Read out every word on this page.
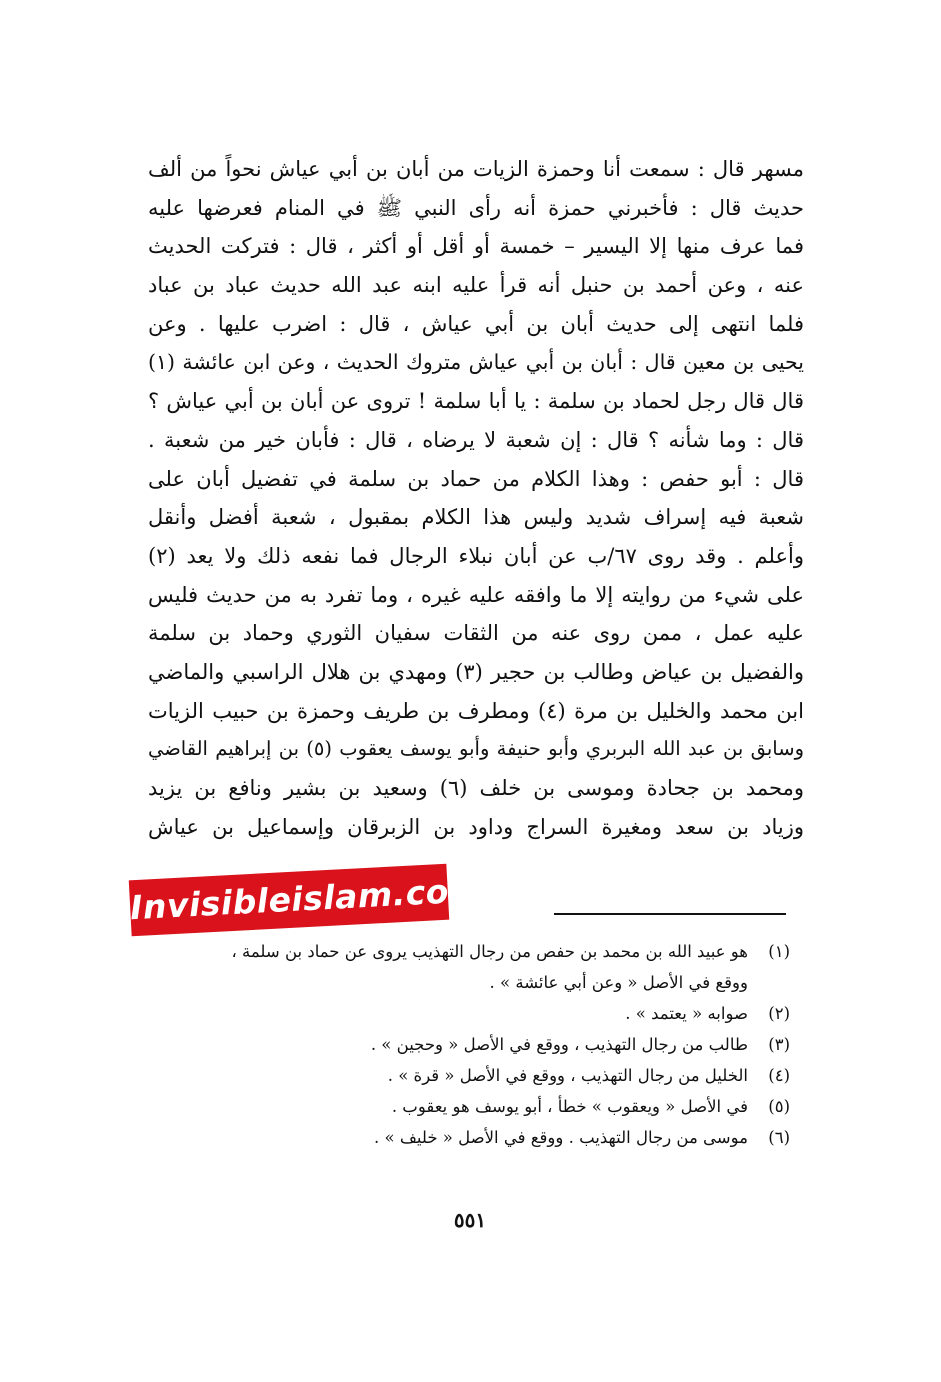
مسهر قال : سمعت أنا وحمزة الزيات من أبان بن أبي عياش نحواً من ألف
حديث قال : فأخبرني حمزة أنه رأى النبي ﷺ في المنام فعرضها عليه
فما عرف منها إلا اليسير – خمسة أو أقل أو أكثر ، قال : فتركت الحديث
عنه ، وعن أحمد بن حنبل أنه قرأ عليه ابنه عبد الله حديث عباد بن عباد
فلما انتهى إلى حديث أبان بن أبي عياش ، قال : اضرب عليها . وعن
يحيى بن معين قال : أبان بن أبي عياش متروك الحديث ، وعن ابن عائشة (١)
قال قال رجل لحماد بن سلمة : يا أبا سلمة ! تروى عن أبان بن أبي عياش ؟
قال : وما شأنه ؟ قال : إن شعبة لا يرضاه ، قال : فأبان خير من شعبة .
قال : أبو حفص : وهذا الكلام من حماد بن سلمة في تفضيل أبان على
شعبة فيه إسراف شديد وليس هذا الكلام بمقبول ، شعبة أفضل وأنقل
وأعلم . وقد روى ٦٧/ب عن أبان نبلاء الرجال فما نفعه ذلك ولا يعد (٢)
على شيء من روايته إلا ما وافقه عليه غيره ، وما تفرد به من حديث فليس
عليه عمل ، ممن روى عنه من الثقات سفيان الثوري وحماد بن سلمة
والفضيل بن عياض وطالب بن حجير (٣) ومهدي بن هلال الراسبي والماضي
ابن محمد والخليل بن مرة (٤) ومطرف بن طريف وحمزة بن حبيب الزيات
وسابق بن عبد الله البربري وأبو حنيفة وأبو يوسف يعقوب (٥) بن إبراهيم القاضي
ومحمد بن جحادة وموسى بن خلف (٦) وسعيد بن بشير ونافع بن يزيد
وزياد بن سعد ومغيرة السراج وداود بن الزبرقان وإسماعيل بن عياش
Invisibleislam.com
(١)
هو عبيد الله بن محمد بن حفص من رجال التهذيب يروى عن حماد بن سلمة ،
ووقع في الأصل « وعن أبي عائشة » .
(٢)
صوابه « يعتمد » .
(٣)
طالب من رجال التهذيب ، ووقع في الأصل « وحجين » .
(٤)
الخليل من رجال التهذيب ، ووقع في الأصل « قرة » .
(٥)
في الأصل « ويعقوب » خطأ ، أبو يوسف هو يعقوب .
(٦)
موسى من رجال التهذيب . ووقع في الأصل « خليف » .
٥٥١
